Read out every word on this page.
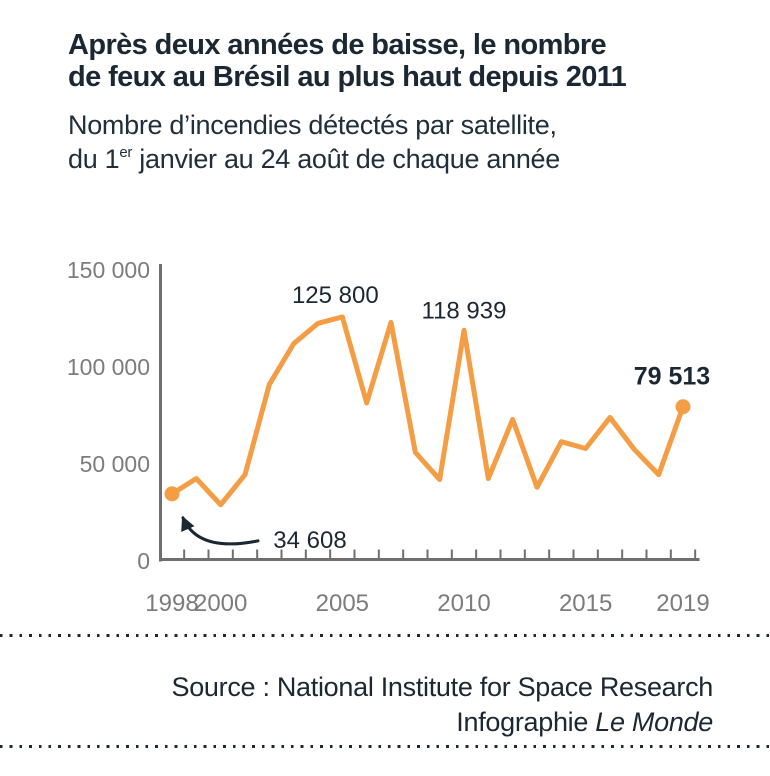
Après deux années de baisse, le nombre
de feux au Brésil au plus haut depuis 2011

Nombre d’incendies détectés par satellite,
du 1er janvier au 24 août de chaque année

0
50 000
100 000
150 000
1998
2000	2005	2010	2015 2019
34 608
125 800
118 939
79 513
Source : National Institute for Space Research
Infographie Le Monde
